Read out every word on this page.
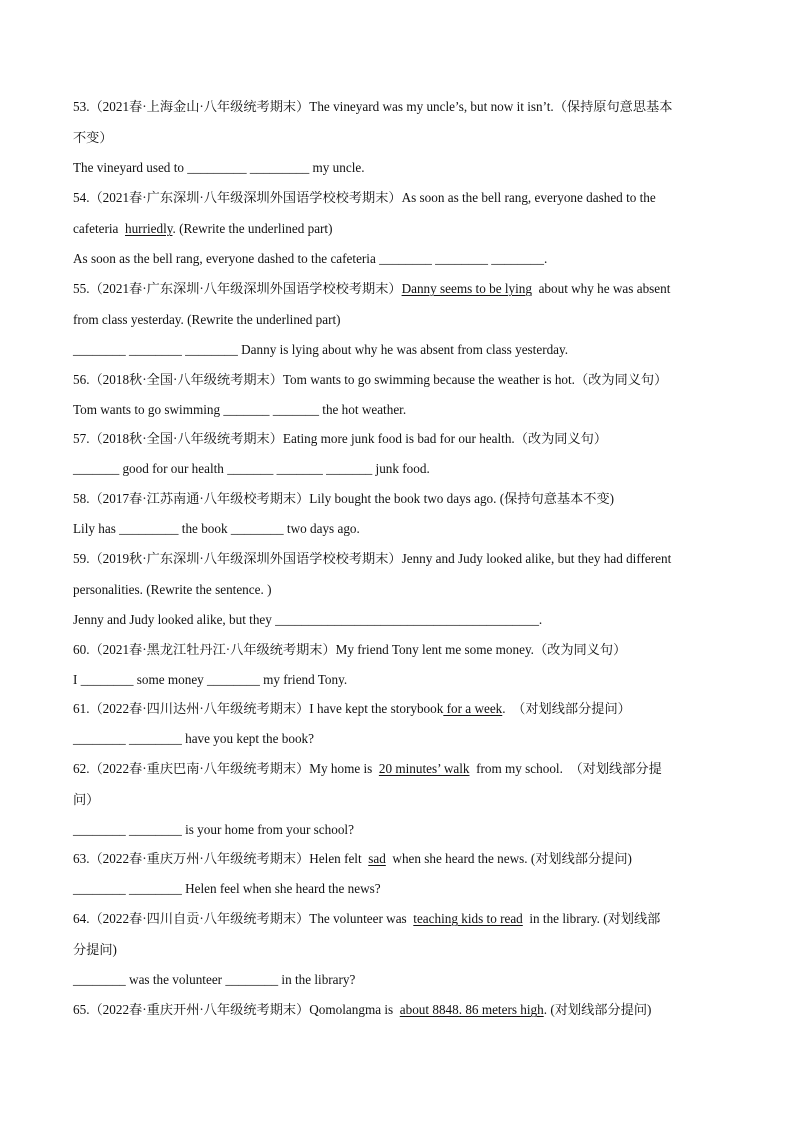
53.（2021春·上海金山·八年级统考期末）The vineyard was my uncle’s, but now it isn’t.（保持原句意思基本
不变）
The vineyard used to _________ _________ my uncle.
54.（2021春·广东深圳·八年级深圳外国语学校校考期末）As soon as the bell rang, everyone dashed to the
cafeteria  hurriedly. (Rewrite the underlined part)
As soon as the bell rang, everyone dashed to the cafeteria ________ ________ ________.
55.（2021春·广东深圳·八年级深圳外国语学校校考期末）Danny seems to be lying  about why he was absent
from class yesterday. (Rewrite the underlined part)
________ ________ ________ Danny is lying about why he was absent from class yesterday.
56.（2018秋·全国·八年级统考期末）Tom wants to go swimming because the weather is hot.（改为同义句）
Tom wants to go swimming _______ _______ the hot weather.
57.（2018秋·全国·八年级统考期末）Eating more junk food is bad for our health.（改为同义句）
_______ good for our health _______ _______ _______ junk food.
58.（2017春·江苏南通·八年级校考期末）Lily bought the book two days ago. (保持句意基本不变)
Lily has _________ the book ________ two days ago.
59.（2019秋·广东深圳·八年级深圳外国语学校校考期末）Jenny and Judy looked alike, but they had different
personalities. (Rewrite the sentence. )
Jenny and Judy looked alike, but they ________________________________________.
60.（2021春·黑龙江牡丹江·八年级统考期末）My friend Tony lent me some money.（改为同义句）
I ________ some money ________ my friend Tony.
61.（2022春·四川达州·八年级统考期末）I have kept the storybook for a week.  （对划线部分提问）
________ ________ have you kept the book?
62.（2022春·重庆巴南·八年级统考期末）My home is  20 minutes’ walk  from my school.  （对划线部分提
问）
________ ________ is your home from your school?
63.（2022春·重庆万州·八年级统考期末）Helen felt  sad  when she heard the news. (对划线部分提问)
________ ________ Helen feel when she heard the news?
64.（2022春·四川自贡·八年级统考期末）The volunteer was  teaching kids to read  in the library. (对划线部
分提问)
________ was the volunteer ________ in the library?
65.（2022春·重庆开州·八年级统考期末）Qomolangma is  about 8848. 86 meters high. (对划线部分提问)
